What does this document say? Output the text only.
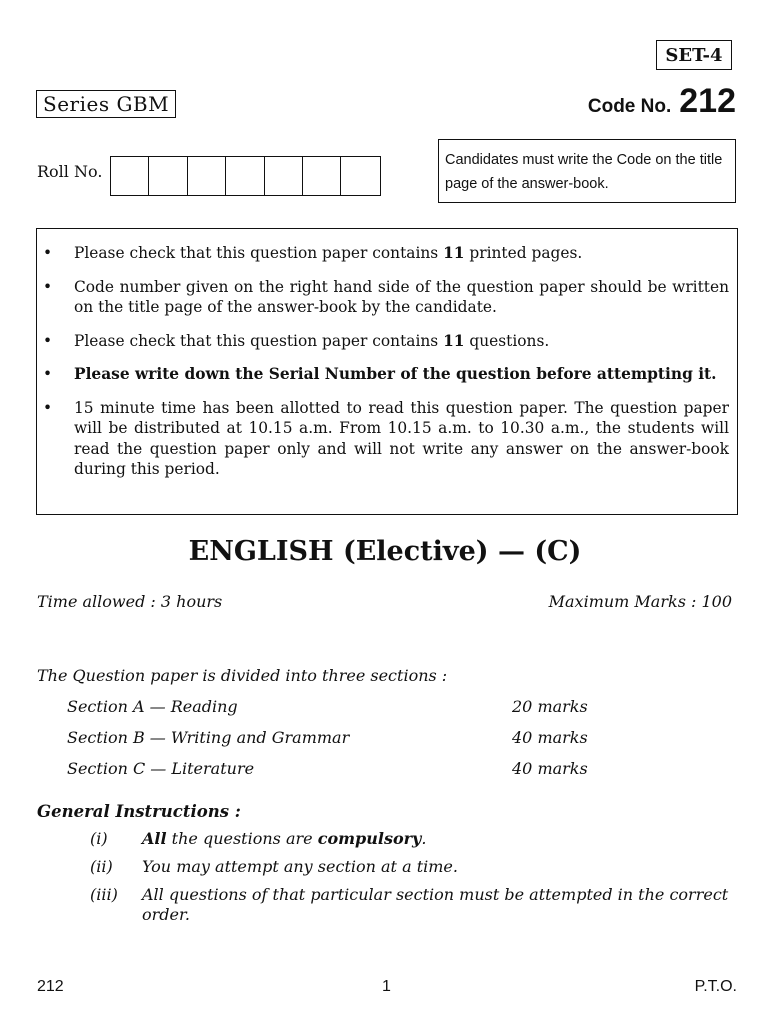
SET-4
Series GBM	Code No. 212
Roll No.
Candidates must write the Code on the title page of the answer-book.
• Please check that this question paper contains 11 printed pages.
• Code number given on the right hand side of the question paper should be written on the title page of the answer-book by the candidate.
• Please check that this question paper contains 11 questions.
• Please write down the Serial Number of the question before attempting it.
• 15 minute time has been allotted to read this question paper. The question paper will be distributed at 10.15 a.m. From 10.15 a.m. to 10.30 a.m., the students will read the question paper only and will not write any answer on the answer-book during this period.
ENGLISH (Elective) — (C)
Time allowed : 3 hours	Maximum Marks : 100
The Question paper is divided into three sections :
Section A — Reading	20 marks
Section B — Writing and Grammar	40 marks
Section C — Literature	40 marks
General Instructions :
(i)	All the questions are compulsory.
(ii)	You may attempt any section at a time.
(iii)	All questions of that particular section must be attempted in the correct order.
212	1	P.T.O.
